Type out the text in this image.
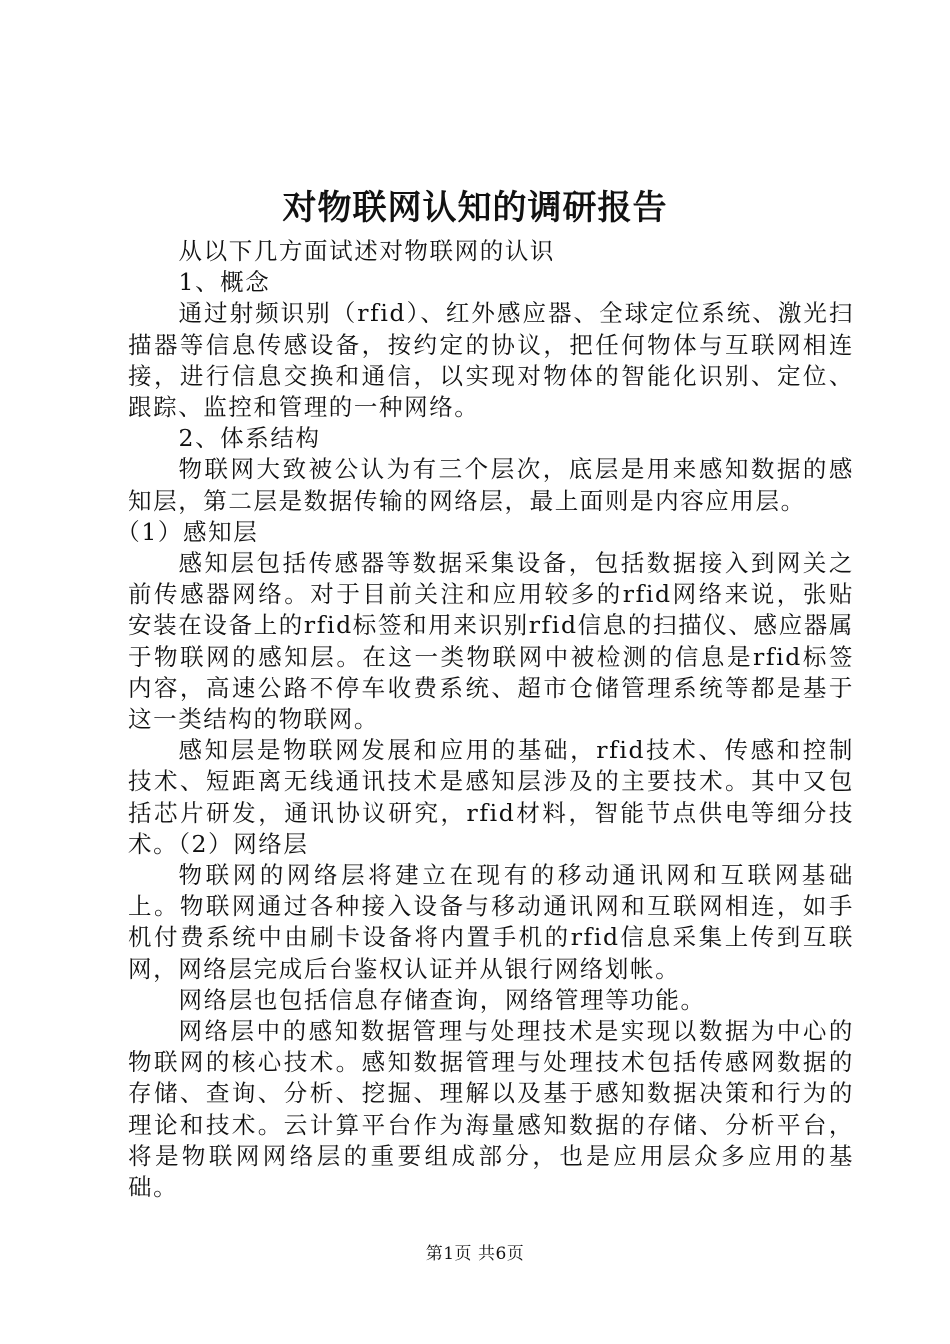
对物联网认知的调研报告

从以下几方面试述对物联网的认识

1、概念

通过射频识别（rfid）、红外感应器、全球定位系统、激光扫描器等信息传感设备，按约定的协议，把任何物体与互联网相连接，进行信息交换和通信，以实现对物体的智能化识别、定位、跟踪、监控和管理的一种网络。

2、体系结构

物联网大致被公认为有三个层次，底层是用来感知数据的感知层，第二层是数据传输的网络层，最上面则是内容应用层。

（1）感知层

感知层包括传感器等数据采集设备，包括数据接入到网关之前传感器网络。对于目前关注和应用较多的rfid网络来说，张贴安装在设备上的rfid标签和用来识别rfid信息的扫描仪、感应器属于物联网的感知层。在这一类物联网中被检测的信息是rfid标签内容，高速公路不停车收费系统、超市仓储管理系统等都是基于这一类结构的物联网。

感知层是物联网发展和应用的基础，rfid技术、传感和控制技术、短距离无线通讯技术是感知层涉及的主要技术。其中又包括芯片研发，通讯协议研究，rfid材料，智能节点供电等细分技术。（2）网络层

物联网的网络层将建立在现有的移动通讯网和互联网基础上。物联网通过各种接入设备与移动通讯网和互联网相连，如手机付费系统中由刷卡设备将内置手机的rfid信息采集上传到互联网，网络层完成后台鉴权认证并从银行网络划帐。

网络层也包括信息存储查询，网络管理等功能。

网络层中的感知数据管理与处理技术是实现以数据为中心的物联网的核心技术。感知数据管理与处理技术包括传感网数据的存储、查询、分析、挖掘、理解以及基于感知数据决策和行为的理论和技术。云计算平台作为海量感知数据的存储、分析平台，将是物联网网络层的重要组成部分，也是应用层众多应用的基础。

第1页 共6页
